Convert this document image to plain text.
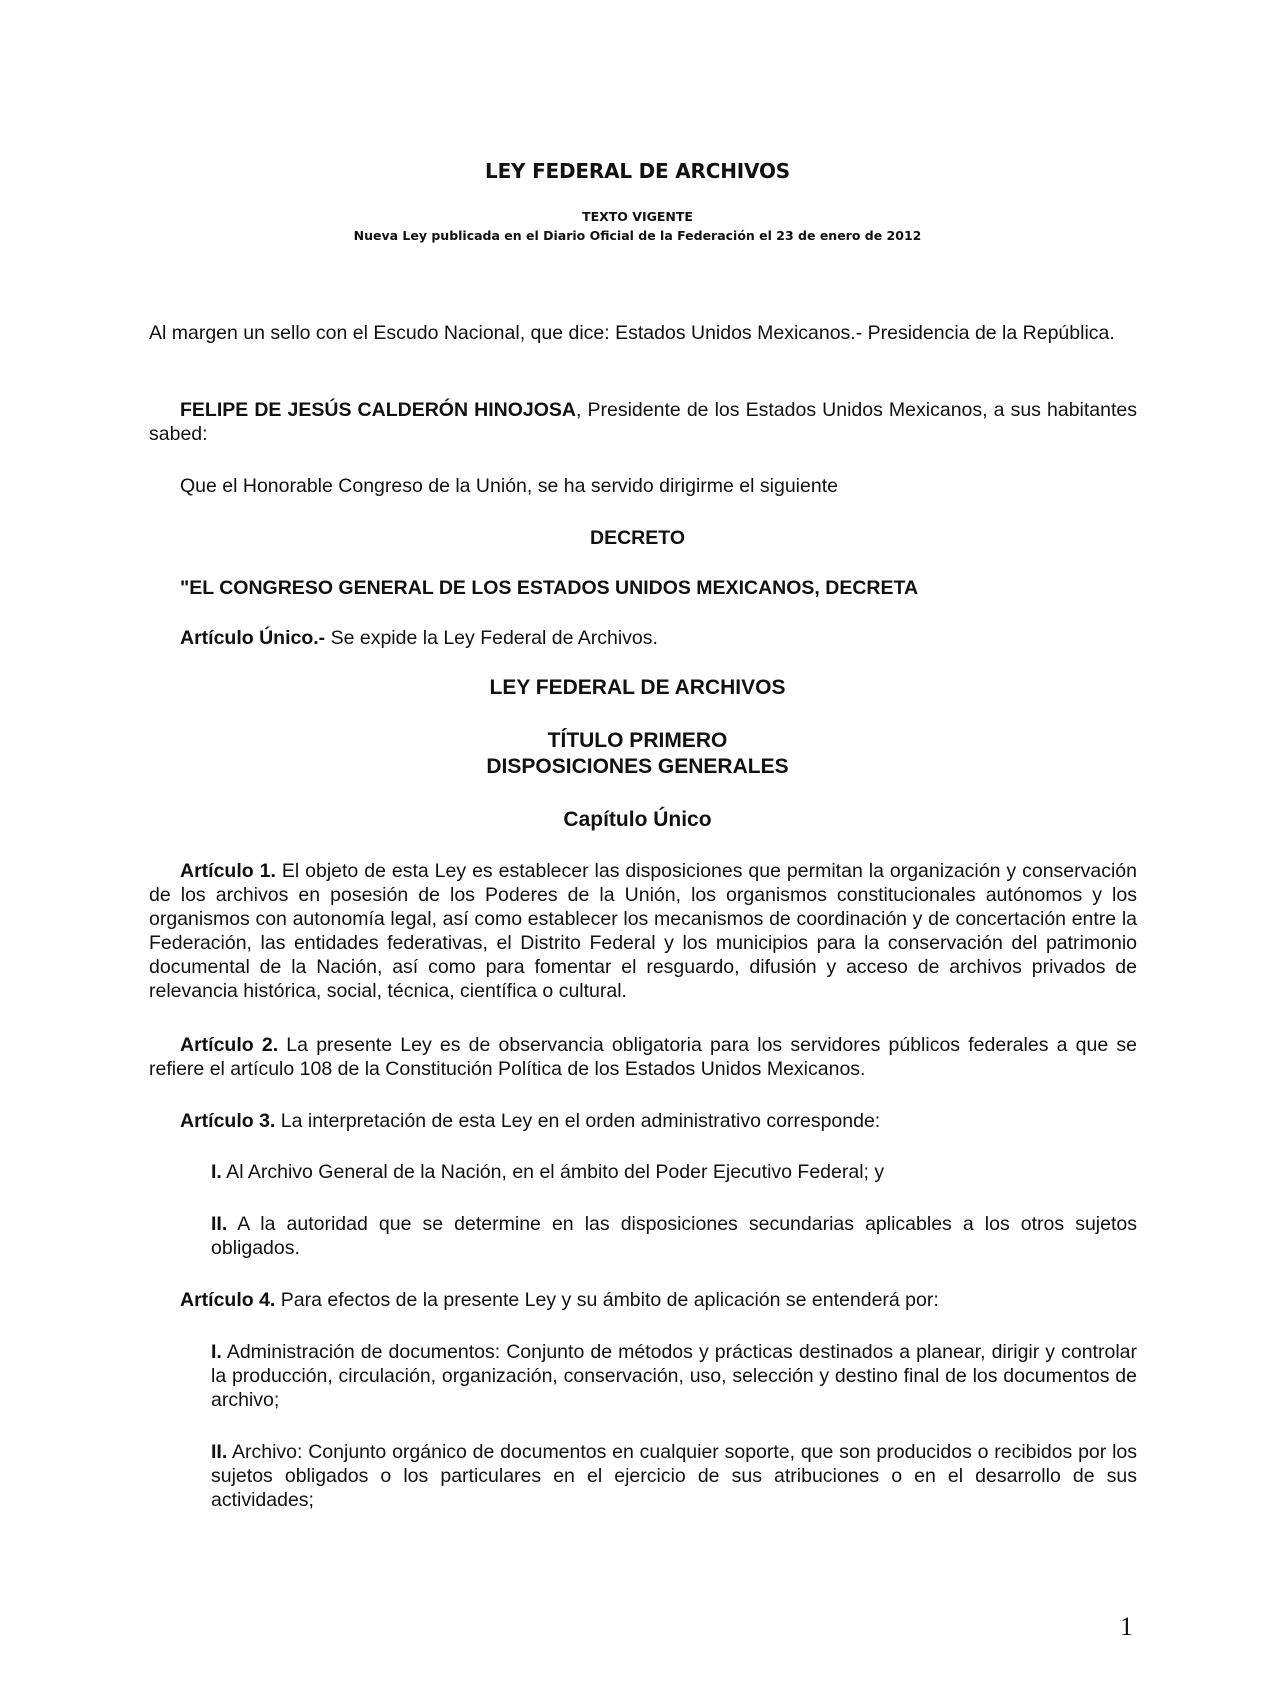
LEY FEDERAL DE ARCHIVOS
TEXTO VIGENTE
Nueva Ley publicada en el Diario Oficial de la Federación el 23 de enero de 2012

Al margen un sello con el Escudo Nacional, que dice: Estados Unidos Mexicanos.- Presidencia de la República.

FELIPE DE JESÚS CALDERÓN HINOJOSA, Presidente de los Estados Unidos Mexicanos, a sus habitantes sabed:

Que el Honorable Congreso de la Unión, se ha servido dirigirme el siguiente

DECRETO

"EL CONGRESO GENERAL DE LOS ESTADOS UNIDOS MEXICANOS, DECRETA

Artículo Único.- Se expide la Ley Federal de Archivos.

LEY FEDERAL DE ARCHIVOS

TÍTULO PRIMERO

DISPOSICIONES GENERALES

Capítulo Único

Artículo 1. El objeto de esta Ley es establecer las disposiciones que permitan la organización y conservación de los archivos en posesión de los Poderes de la Unión, los organismos constitucionales autónomos y los organismos con autonomía legal, así como establecer los mecanismos de coordinación y de concertación entre la Federación, las entidades federativas, el Distrito Federal y los municipios para la conservación del patrimonio documental de la Nación, así como para fomentar el resguardo, difusión y acceso de archivos privados de relevancia histórica, social, técnica, científica o cultural.

Artículo 2. La presente Ley es de observancia obligatoria para los servidores públicos federales a que se refiere el artículo 108 de la Constitución Política de los Estados Unidos Mexicanos.

Artículo 3. La interpretación de esta Ley en el orden administrativo corresponde:

I. Al Archivo General de la Nación, en el ámbito del Poder Ejecutivo Federal; y

II. A la autoridad que se determine en las disposiciones secundarias aplicables a los otros sujetos obligados.

Artículo 4. Para efectos de la presente Ley y su ámbito de aplicación se entenderá por:

I. Administración de documentos: Conjunto de métodos y prácticas destinados a planear, dirigir y controlar la producción, circulación, organización, conservación, uso, selección y destino final de los documentos de archivo;

II. Archivo: Conjunto orgánico de documentos en cualquier soporte, que son producidos o recibidos por los sujetos obligados o los particulares en el ejercicio de sus atribuciones o en el desarrollo de sus actividades;

1
